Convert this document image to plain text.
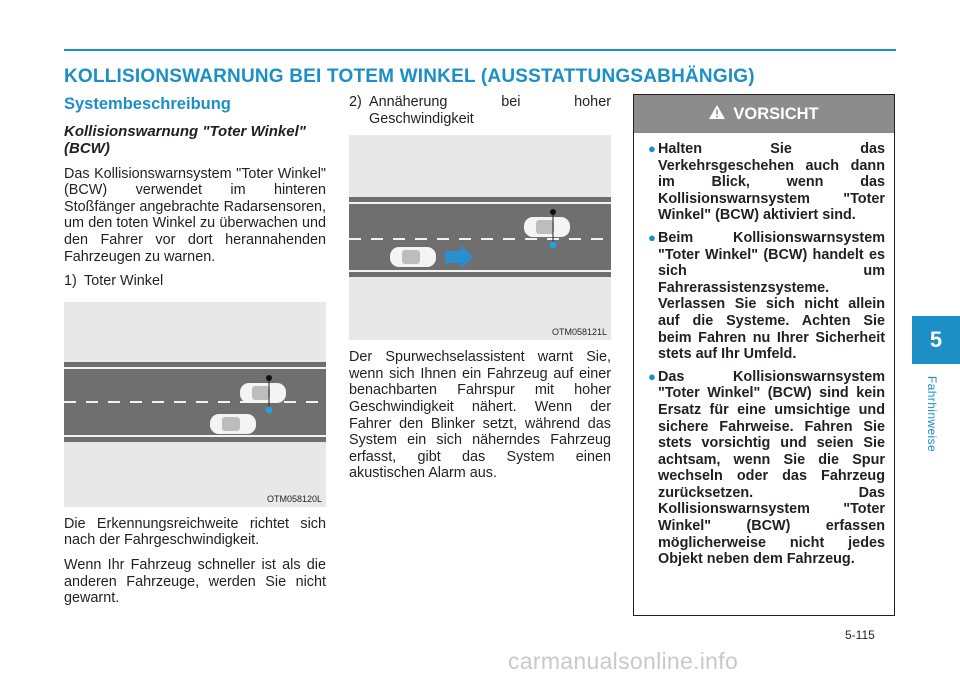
KOLLISIONSWARNUNG BEI TOTEM WINKEL (AUSSTATTUNGSABHÄNGIG)
Systembeschreibung
Kollisionswarnung "Toter Winkel" (BCW)

Das Kollisionswarnsystem "Toter Winkel" (BCW) verwendet im hinteren Stoßfänger angebrachte Radarsensoren, um den toten Winkel zu überwachen und den Fahrer vor dort herannahenden Fahrzeugen zu warnen.

1) Toter Winkel
OTM058120L

Die Erkennungsreichweite richtet sich nach der Fahrgeschwindigkeit.

Wenn Ihr Fahrzeug schneller ist als die anderen Fahrzeuge, werden Sie nicht gewarnt.

2) Annäherung bei hoher Geschwindigkeit
OTM058121L

Der Spurwechselassistent warnt Sie, wenn sich Ihnen ein Fahrzeug auf einer benachbarten Fahrspur mit hoher Geschwindigkeit nähert. Wenn der Fahrer den Blinker setzt, während das System ein sich näherndes Fahrzeug erfasst, gibt das System einen akustischen Alarm aus.

VORSICHT
● Halten Sie das Verkehrsgeschehen auch dann im Blick, wenn das Kollisionswarnsystem "Toter Winkel" (BCW) aktiviert sind.
● Beim Kollisionswarnsystem "Toter Winkel" (BCW) handelt es sich um Fahrerassistenzsysteme. Verlassen Sie sich nicht allein auf die Systeme. Achten Sie beim Fahren nu Ihrer Sicherheit stets auf Ihr Umfeld.
● Das Kollisionswarnsystem "Toter Winkel" (BCW) sind kein Ersatz für eine umsichtige und sichere Fahrweise. Fahren Sie stets vorsichtig und seien Sie achtsam, wenn Sie die Spur wechseln oder das Fahrzeug zurücksetzen. Das Kollisionswarnsystem "Toter Winkel" (BCW) erfassen möglicherweise nicht jedes Objekt neben dem Fahrzeug.
5
Fahrhinweise
5-115
carmanualsonline.info
